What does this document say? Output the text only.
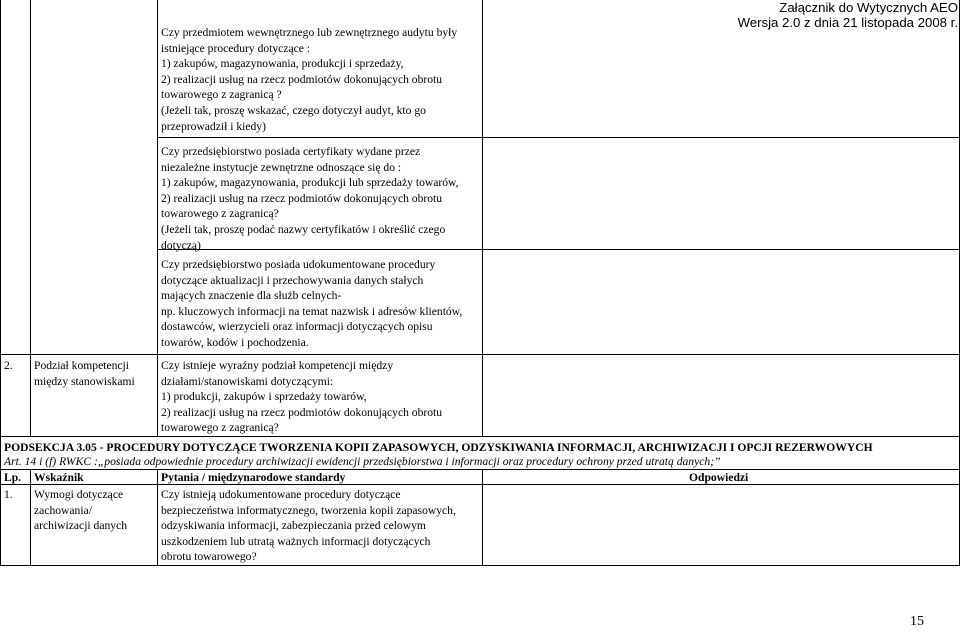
Załącznik do Wytycznych AEO
Wersja 2.0 z dnia 21 listopada 2008 r.
Czy przedmiotem wewnętrznego lub zewnętrznego audytu były
istniejące procedury dotyczące :
1) zakupów, magazynowania, produkcji i sprzedaży,
2) realizacji usług na rzecz podmiotów dokonujących obrotu
towarowego z zagranicą ?
(Jeżeli tak, proszę wskazać, czego dotyczył audyt, kto go
przeprowadził i kiedy)
Czy przedsiębiorstwo posiada certyfikaty wydane przez
niezależne instytucje zewnętrzne odnoszące się do :
1) zakupów, magazynowania, produkcji lub sprzedaży towarów,
2) realizacji usług na rzecz podmiotów dokonujących obrotu
towarowego z zagranicą?
(Jeżeli tak, proszę podać nazwy certyfikatów i określić czego
dotyczą)
Czy przedsiębiorstwo posiada udokumentowane procedury
dotyczące aktualizacji i przechowywania danych stałych
mających znaczenie dla służb celnych-
np. kluczowych informacji na temat nazwisk i adresów klientów,
dostawców, wierzycieli oraz informacji dotyczących opisu
towarów, kodów i pochodzenia.
2. Podział kompetencji
między stanowiskami
Czy istnieje wyraźny podział kompetencji między
działami/stanowiskami dotyczącymi:
1) produkcji, zakupów i sprzedaży towarów,
2) realizacji usług na rzecz podmiotów dokonujących obrotu
towarowego z zagranicą?
PODSEKCJA 3.05 - PROCEDURY DOTYCZĄCE TWORZENIA KOPII ZAPASOWYCH, ODZYSKIWANIA INFORMACJI, ARCHIWIZACJI I OPCJI REZERWOWYCH
Art. 14 i (f) RWKC :„posiada odpowiednie procedury archiwizacji ewidencji przedsiębiorstwa i informacji oraz procedury ochrony przed utratą danych;”
Lp. Wskaźnik	Pytania / międzynarodowe standardy	Odpowiedzi
1. Wymogi dotyczące
zachowania/
archiwizacji danych
Czy istnieją udokumentowane procedury dotyczące
bezpieczeństwa informatycznego, tworzenia kopii zapasowych,
odzyskiwania informacji, zabezpieczania przed celowym
uszkodzeniem lub utratą ważnych informacji dotyczących
obrotu towarowego?
15
